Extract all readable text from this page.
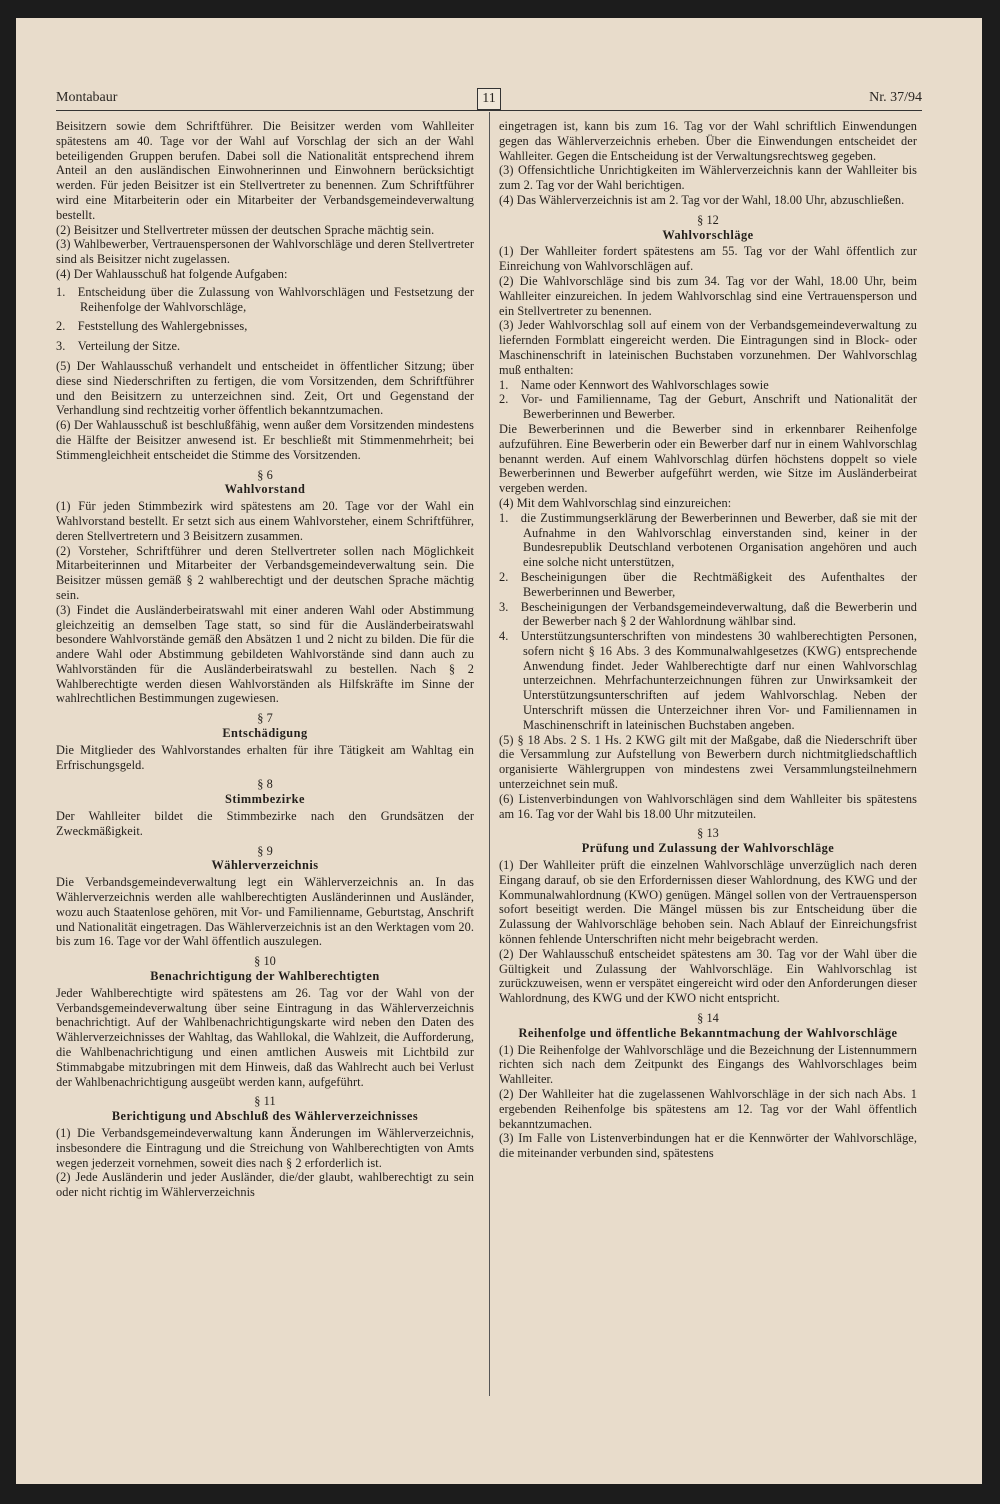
Montabaur	11	Nr. 37/94

Beisitzern sowie dem Schriftführer. Die Beisitzer werden vom Wahlleiter spätestens am 40. Tage vor der Wahl auf Vorschlag der sich an der Wahl beteiligenden Gruppen berufen. Dabei soll die Nationalität entsprechend ihrem Anteil an den ausländischen Einwohnerinnen und Einwohnern berücksichtigt werden. Für jeden Beisitzer ist ein Stellvertreter zu benennen. Zum Schriftführer wird eine Mitarbeiterin oder ein Mitarbeiter der Verbandsgemeindeverwaltung bestellt.

(2) Beisitzer und Stellvertreter müssen der deutschen Sprache mächtig sein.

(3) Wahlbewerber, Vertrauenspersonen der Wahlvorschläge und deren Stellvertreter sind als Beisitzer nicht zugelassen.

(4) Der Wahlausschuß hat folgende Aufgaben:

1. Entscheidung über die Zulassung von Wahlvorschlägen und Festsetzung der Reihenfolge der Wahlvorschläge,

2. Feststellung des Wahlergebnisses,

3. Verteilung der Sitze.

(5) Der Wahlausschuß verhandelt und entscheidet in öffentlicher Sitzung; über diese sind Niederschriften zu fertigen, die vom Vorsitzenden, dem Schriftführer und den Beisitzern zu unterzeichnen sind. Zeit, Ort und Gegenstand der Verhandlung sind rechtzeitig vorher öffentlich bekanntzumachen.

(6) Der Wahlausschuß ist beschlußfähig, wenn außer dem Vorsitzenden mindestens die Hälfte der Beisitzer anwesend ist. Er beschließt mit Stimmenmehrheit; bei Stimmengleichheit entscheidet die Stimme des Vorsitzenden.

§ 6

Wahlvorstand

(1) Für jeden Stimmbezirk wird spätestens am 20. Tage vor der Wahl ein Wahlvorstand bestellt. Er setzt sich aus einem Wahlvorsteher, einem Schriftführer, deren Stellvertretern und 3 Beisitzern zusammen.

(2) Vorsteher, Schriftführer und deren Stellvertreter sollen nach Möglichkeit Mitarbeiterinnen und Mitarbeiter der Verbandsgemeindeverwaltung sein. Die Beisitzer müssen gemäß § 2 wahlberechtigt und der deutschen Sprache mächtig sein.

(3) Findet die Ausländerbeiratswahl mit einer anderen Wahl oder Abstimmung gleichzeitig an demselben Tage statt, so sind für die Ausländerbeiratswahl besondere Wahlvorstände gemäß den Absätzen 1 und 2 nicht zu bilden. Die für die andere Wahl oder Abstimmung gebildeten Wahlvorstände sind dann auch zu Wahlvorständen für die Ausländerbeiratswahl zu bestellen. Nach § 2 Wahlberechtigte werden diesen Wahlvorständen als Hilfskräfte im Sinne der wahlrechtlichen Bestimmungen zugewiesen.

§ 7

Entschädigung

Die Mitglieder des Wahlvorstandes erhalten für ihre Tätigkeit am Wahltag ein Erfrischungsgeld.

§ 8

Stimmbezirke

Der Wahlleiter bildet die Stimmbezirke nach den Grundsätzen der Zweckmäßigkeit.

§ 9

Wählerverzeichnis

Die Verbandsgemeindeverwaltung legt ein Wählerverzeichnis an. In das Wählerverzeichnis werden alle wahlberechtigten Ausländerinnen und Ausländer, wozu auch Staatenlose gehören, mit Vor- und Familienname, Geburtstag, Anschrift und Nationalität eingetragen. Das Wählerverzeichnis ist an den Werktagen vom 20. bis zum 16. Tage vor der Wahl öffentlich auszulegen.

§ 10

Benachrichtigung der Wahlberechtigten

Jeder Wahlberechtigte wird spätestens am 26. Tag vor der Wahl von der Verbandsgemeindeverwaltung über seine Eintragung in das Wählerverzeichnis benachrichtigt. Auf der Wahlbenachrichtigungskarte wird neben den Daten des Wählerverzeichnisses der Wahltag, das Wahllokal, die Wahlzeit, die Aufforderung, die Wahlbenachrichtigung und einen amtlichen Ausweis mit Lichtbild zur Stimmabgabe mitzubringen mit dem Hinweis, daß das Wahlrecht auch bei Verlust der Wahlbenachrichtigung ausgeübt werden kann, aufgeführt.

§ 11

Berichtigung und Abschluß des Wählerverzeichnisses

(1) Die Verbandsgemeindeverwaltung kann Änderungen im Wählerverzeichnis, insbesondere die Eintragung und die Streichung von Wahlberechtigten von Amts wegen jederzeit vornehmen, soweit dies nach § 2 erforderlich ist.

(2) Jede Ausländerin und jeder Ausländer, die/der glaubt, wahlberechtigt zu sein oder nicht richtig im Wählerverzeichnis

eingetragen ist, kann bis zum 16. Tag vor der Wahl schriftlich Einwendungen gegen das Wählerverzeichnis erheben. Über die Einwendungen entscheidet der Wahlleiter. Gegen die Entscheidung ist der Verwaltungsrechtsweg gegeben.

(3) Offensichtliche Unrichtigkeiten im Wählerverzeichnis kann der Wahlleiter bis zum 2. Tag vor der Wahl berichtigen.

(4) Das Wählerverzeichnis ist am 2. Tag vor der Wahl, 18.00 Uhr, abzuschließen.

§ 12

Wahlvorschläge

(1) Der Wahlleiter fordert spätestens am 55. Tag vor der Wahl öffentlich zur Einreichung von Wahlvorschlägen auf.

(2) Die Wahlvorschläge sind bis zum 34. Tag vor der Wahl, 18.00 Uhr, beim Wahlleiter einzureichen. In jedem Wahlvorschlag sind eine Vertrauensperson und ein Stellvertreter zu benennen.

(3) Jeder Wahlvorschlag soll auf einem von der Verbandsgemeindeverwaltung zu liefernden Formblatt eingereicht werden. Die Eintragungen sind in Block- oder Maschinenschrift in lateinischen Buchstaben vorzunehmen. Der Wahlvorschlag muß enthalten:

1. Name oder Kennwort des Wahlvorschlages sowie

2. Vor- und Familienname, Tag der Geburt, Anschrift und Nationalität der Bewerberinnen und Bewerber.

Die Bewerberinnen und die Bewerber sind in erkennbarer Reihenfolge aufzuführen. Eine Bewerberin oder ein Bewerber darf nur in einem Wahlvorschlag benannt werden. Auf einem Wahlvorschlag dürfen höchstens doppelt so viele Bewerberinnen und Bewerber aufgeführt werden, wie Sitze im Ausländerbeirat vergeben werden.

(4) Mit dem Wahlvorschlag sind einzureichen:

1. die Zustimmungserklärung der Bewerberinnen und Bewerber, daß sie mit der Aufnahme in den Wahlvorschlag einverstanden sind, keiner in der Bundesrepublik Deutschland verbotenen Organisation angehören und auch eine solche nicht unterstützen,

2. Bescheinigungen über die Rechtmäßigkeit des Aufenthaltes der Bewerberinnen und Bewerber,

3. Bescheinigungen der Verbandsgemeindeverwaltung, daß die Bewerberin und der Bewerber nach § 2 der Wahlordnung wählbar sind.

4. Unterstützungsunterschriften von mindestens 30 wahlberechtigten Personen, sofern nicht § 16 Abs. 3 des Kommunalwahlgesetzes (KWG) entsprechende Anwendung findet. Jeder Wahlberechtigte darf nur einen Wahlvorschlag unterzeichnen. Mehrfachunterzeichnungen führen zur Unwirksamkeit der Unterstützungsunterschriften auf jedem Wahlvorschlag. Neben der Unterschrift müssen die Unterzeichner ihren Vor- und Familiennamen in Maschinenschrift in lateinischen Buchstaben angeben.

(5) § 18 Abs. 2 S. 1 Hs. 2 KWG gilt mit der Maßgabe, daß die Niederschrift über die Versammlung zur Aufstellung von Bewerbern durch nichtmitgliedschaftlich organisierte Wählergruppen von mindestens zwei Versammlungsteilnehmern unterzeichnet sein muß.

(6) Listenverbindungen von Wahlvorschlägen sind dem Wahlleiter bis spätestens am 16. Tag vor der Wahl bis 18.00 Uhr mitzuteilen.

§ 13

Prüfung und Zulassung der Wahlvorschläge

(1) Der Wahlleiter prüft die einzelnen Wahlvorschläge unverzüglich nach deren Eingang darauf, ob sie den Erfordernissen dieser Wahlordnung, des KWG und der Kommunalwahlordnung (KWO) genügen. Mängel sollen von der Vertrauensperson sofort beseitigt werden. Die Mängel müssen bis zur Entscheidung über die Zulassung der Wahlvorschläge behoben sein. Nach Ablauf der Einreichungsfrist können fehlende Unterschriften nicht mehr beigebracht werden.

(2) Der Wahlausschuß entscheidet spätestens am 30. Tag vor der Wahl über die Gültigkeit und Zulassung der Wahlvorschläge. Ein Wahlvorschlag ist zurückzuweisen, wenn er verspätet eingereicht wird oder den Anforderungen dieser Wahlordnung, des KWG und der KWO nicht entspricht.

§ 14

Reihenfolge und öffentliche Bekanntmachung der Wahlvorschläge

(1) Die Reihenfolge der Wahlvorschläge und die Bezeichnung der Listennummern richten sich nach dem Zeitpunkt des Eingangs des Wahlvorschlages beim Wahlleiter.

(2) Der Wahlleiter hat die zugelassenen Wahlvorschläge in der sich nach Abs. 1 ergebenden Reihenfolge bis spätestens am 12. Tag vor der Wahl öffentlich bekanntzumachen.

(3) Im Falle von Listenverbindungen hat er die Kennwörter der Wahlvorschläge, die miteinander verbunden sind, spätestens
